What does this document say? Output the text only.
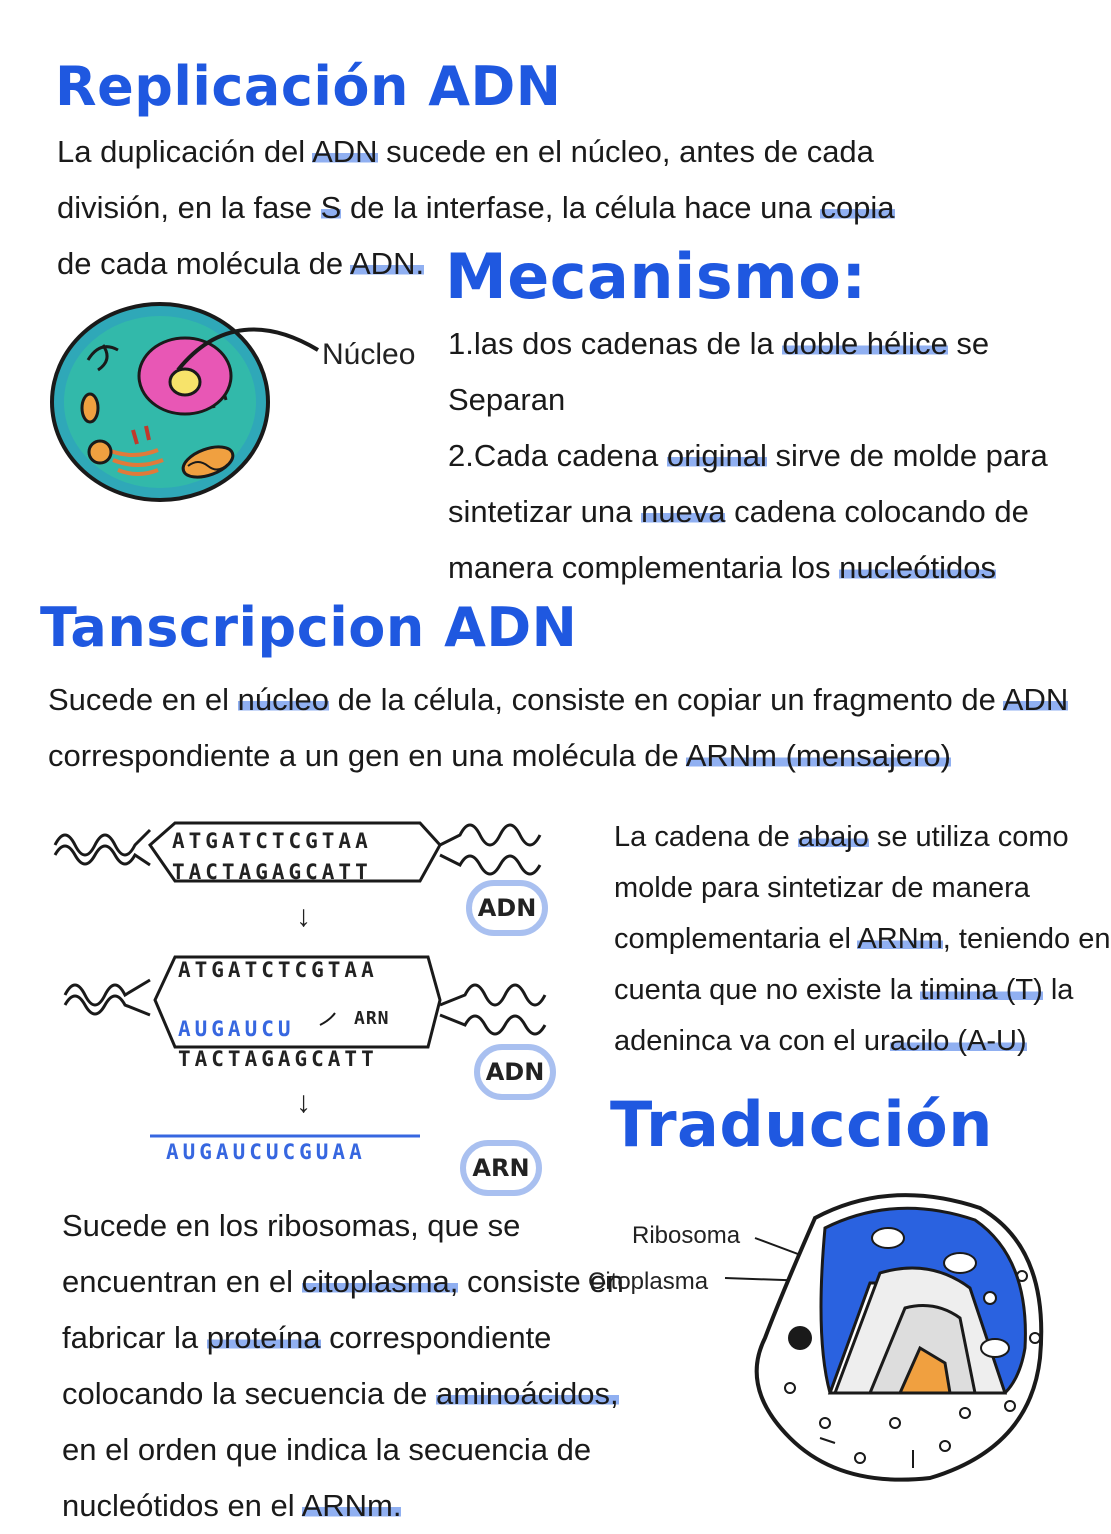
Replicación ADN
La duplicación del ADN sucede en el núcleo, antes de cada
división, en la fase S de la interfase, la célula hace una copia
de cada molécula de ADN.
Núcleo
Mecanismo:
1.las dos cadenas de la doble hélice se
Separan
2.Cada cadena original sirve de molde para
sintetizar una nueva cadena colocando de
manera complementaria los nucleótidos
Tanscripcion ADN
Sucede en el núcleo de la célula, consiste en copiar un fragmento de ADN
correspondiente a un gen en una molécula de ARNm (mensajero)
ATGATCTCGTAA
TACTAGAGCATT
↓	ADN
ATGATCTCGTAA
AUGAUCU	ARN
TACTAGAGCATT	ADN
↓
AUGAUCUCGUAA
ARN
La cadena de abajo se utiliza como
molde para sintetizar de manera
complementaria el ARNm, teniendo en
cuenta que no existe la timina (T) la
adeninca va con el uracilo (A-U)
Traducción
Sucede en los ribosomas, que se
encuentran en el citoplasma, consiste en
fabricar la proteína correspondiente
colocando la secuencia de aminoácidos,
en el orden que indica la secuencia de
nucleótidos en el ARNm.
Ribosoma
Citoplasma
